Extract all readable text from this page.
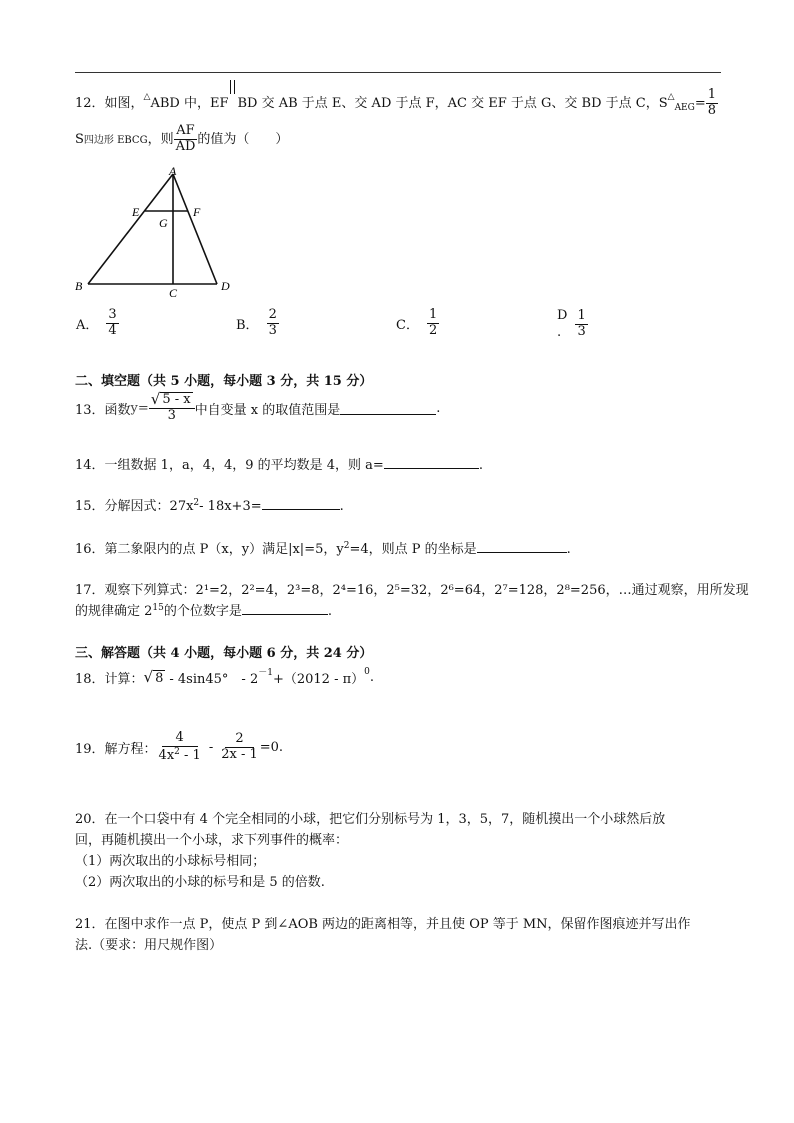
12．如图，△ABD 中，EF BD 交 AB 于点 E、交 AD 于点 F，AC 交 EF 于点 G、交 BD 于点 C，$S^\triangle_{AEG}= \frac{1}{8}$
S四边形 EBCG，则 $\frac{AF}{AD}$ 的值为（　　）
A
E	F
G
B	C	D
A． $\frac{3}{4}$	B． $\frac{2}{3}$	C． $\frac{1}{2}$	D
.	$\frac{1}{3}$
二、填空题（共 5 小题，每小题 3 分，共 15 分）
13．函数 $y= \frac{√ 5 - x}{3}$ 中自变量 x 的取值范围是	.
14．一组数据 1，a，4，4，9 的平均数是 4，则 a=	.
15．分解因式：$27x^2-$ 18x+3=	.
16．第二象限内的点 P（x，y）满足|x|=5，$y^2=4$，则点 P 的坐标是	.
17．观察下列算式：2¹=2，2²=4，2³=8，2⁴=16，2⁵=32，2⁶=64，2⁷=128，2⁸=256，…通过观察，用所发现
的规律确定 $2^{15}$的个位数字是	.
三、解答题（共 4 小题，每小题 6 分，共 24 分）
18．计算： √ 8 - 4sin45°　- 2 －1 +（2012 - π）
0 .
19．解方程： $\frac{4}{4x^2 - 1} - \frac{2}{2x - 1} =0$.
20．在一个口袋中有 4 个完全相同的小球，把它们分别标号为 1，3，5，7，随机摸出一个小球然后放
回，再随机摸出一个小球，求下列事件的概率：
（1）两次取出的小球标号相同；
（2）两次取出的小球的标号和是 5 的倍数.
21．在图中求作一点 P，使点 P 到∠AOB 两边的距离相等，并且使 OP 等于 MN，保留作图痕迹并写出作
法.（要求：用尺规作图）
